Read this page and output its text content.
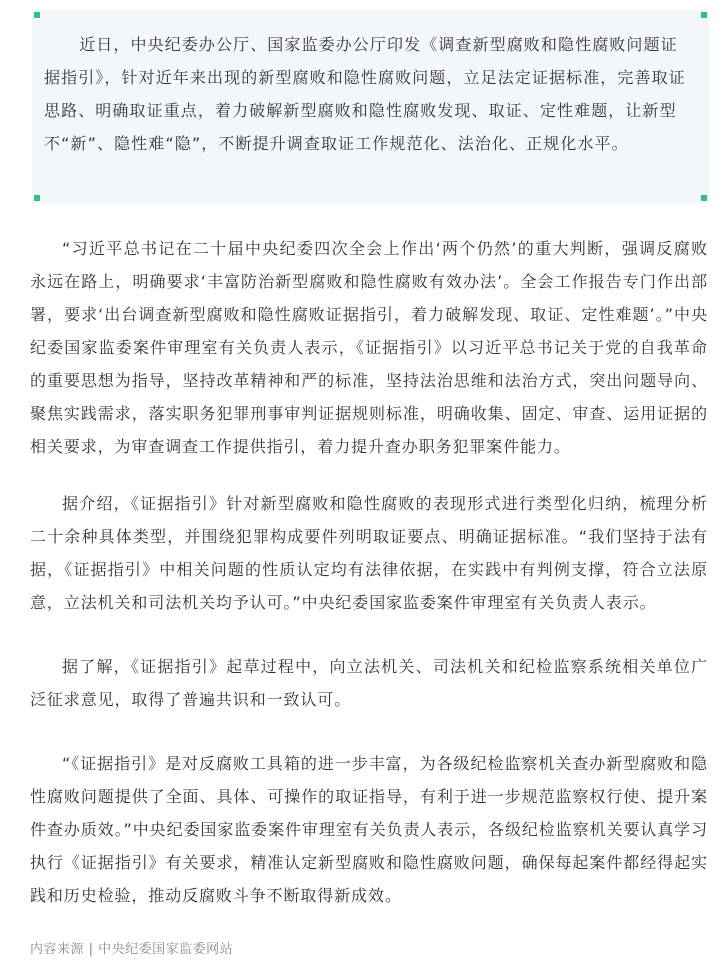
近日，中央纪委办公厅、国家监委办公厅印发《调查新型腐败和隐性腐败问题证据指引》，针对近年来出现的新型腐败和隐性腐败问题，立足法定证据标准，完善取证思路、明确取证重点，着力破解新型腐败和隐性腐败发现、取证、定性难题，让新型不“新”、隐性难“隐”，不断提升调查取证工作规范化、法治化、正规化水平。

“习近平总书记在二十届中央纪委四次全会上作出‘两个仍然’的重大判断，强调反腐败永远在路上，明确要求‘丰富防治新型腐败和隐性腐败有效办法’。全会工作报告专门作出部署，要求‘出台调查新型腐败和隐性腐败证据指引，着力破解发现、取证、定性难题’。”中央纪委国家监委案件审理室有关负责人表示，《证据指引》以习近平总书记关于党的自我革命的重要思想为指导，坚持改革精神和严的标准，坚持法治思维和法治方式，突出问题导向、聚焦实践需求，落实职务犯罪刑事审判证据规则标准，明确收集、固定、审查、运用证据的相关要求，为审查调查工作提供指引，着力提升查办职务犯罪案件能力。

据介绍，《证据指引》针对新型腐败和隐性腐败的表现形式进行类型化归纳，梳理分析二十余种具体类型，并围绕犯罪构成要件列明取证要点、明确证据标准。“我们坚持于法有据，《证据指引》中相关问题的性质认定均有法律依据，在实践中有判例支撑，符合立法原意，立法机关和司法机关均予认可。”中央纪委国家监委案件审理室有关负责人表示。

据了解，《证据指引》起草过程中，向立法机关、司法机关和纪检监察系统相关单位广泛征求意见，取得了普遍共识和一致认可。

“《证据指引》是对反腐败工具箱的进一步丰富，为各级纪检监察机关查办新型腐败和隐性腐败问题提供了全面、具体、可操作的取证指导，有利于进一步规范监察权行使、提升案件查办质效。”中央纪委国家监委案件审理室有关负责人表示，各级纪检监察机关要认真学习执行《证据指引》有关要求，精准认定新型腐败和隐性腐败问题，确保每起案件都经得起实践和历史检验，推动反腐败斗争不断取得新成效。

内容来源 | 中央纪委国家监委网站
